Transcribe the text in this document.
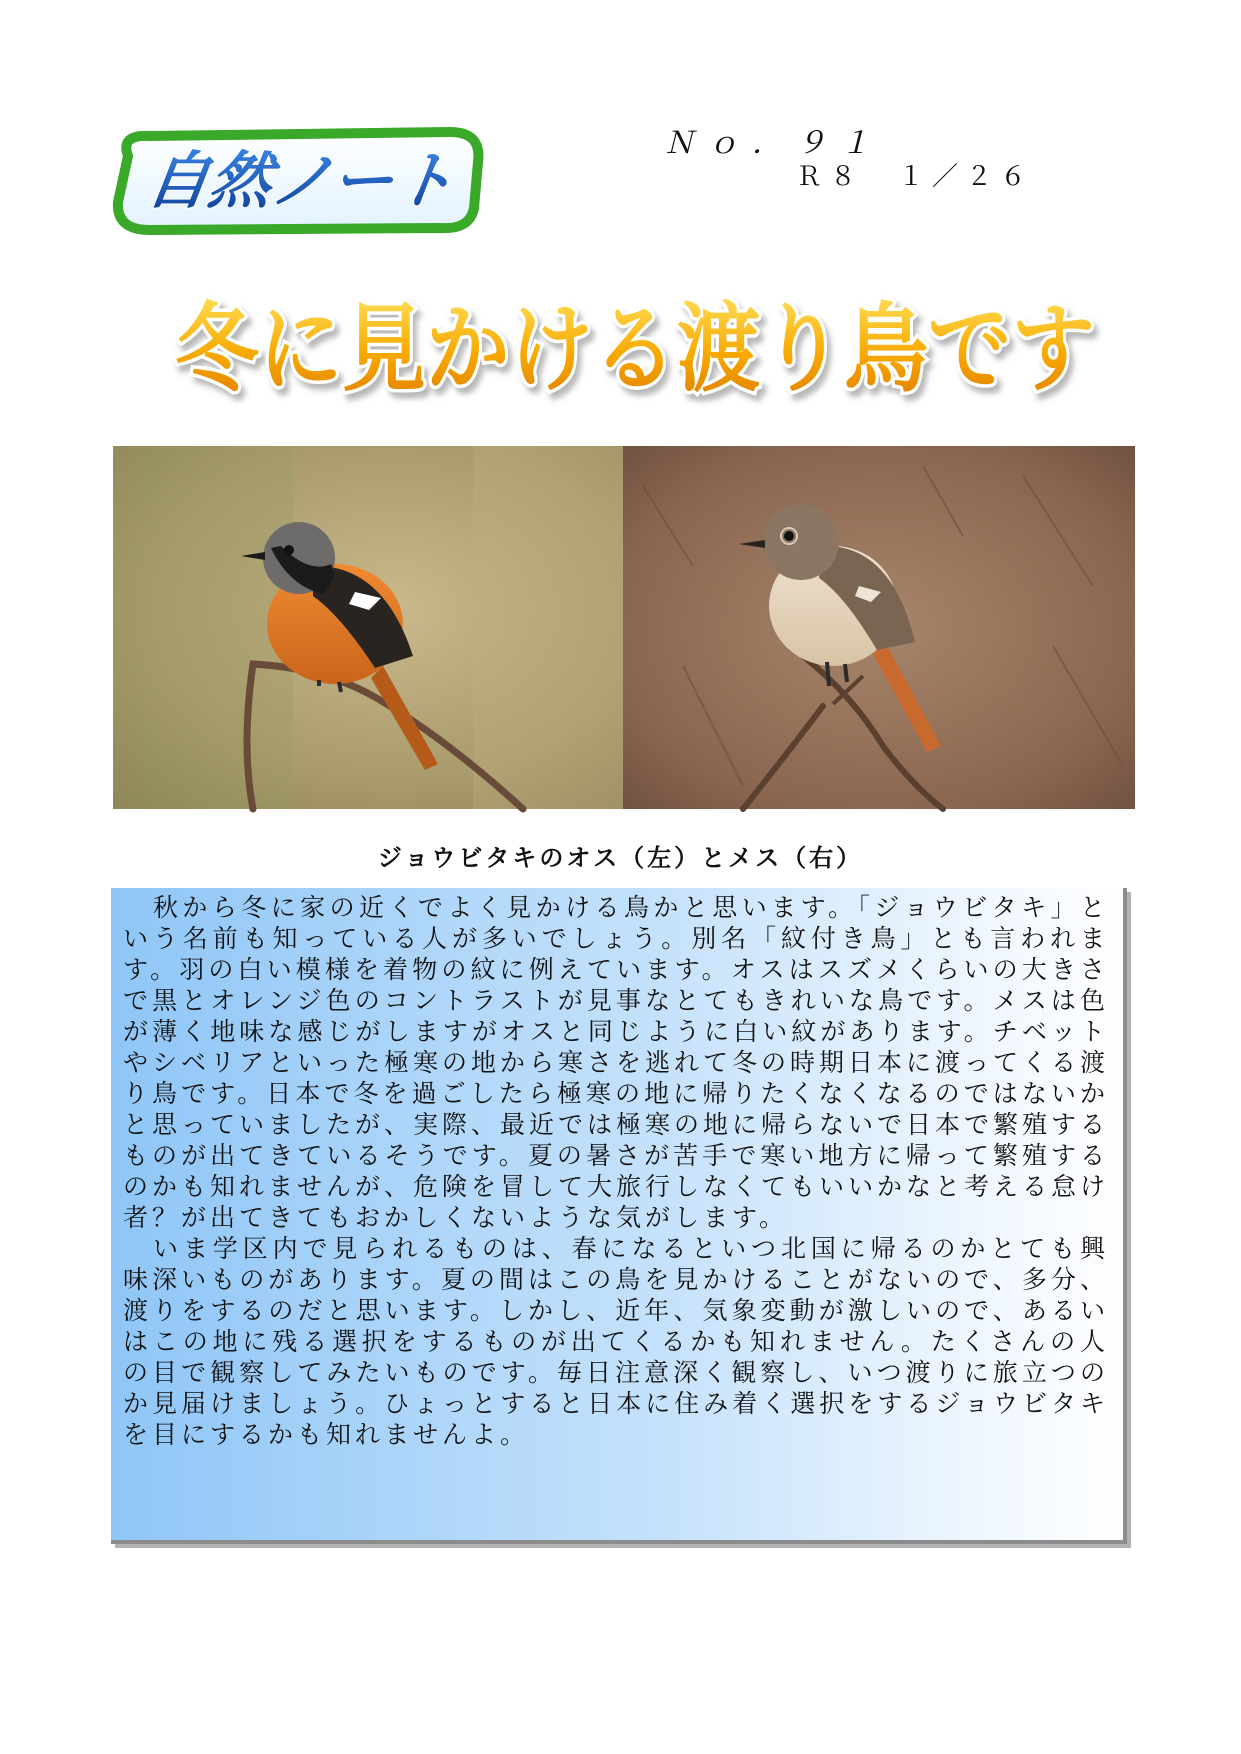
自然ノート
Ｎｏ．９１
Ｒ８　１／２６
冬に見かける渡り鳥です
ジョウビタキのオス（左）とメス（右）

秋から冬に家の近くでよく見かける鳥かと思います。「ジョウビタキ」という名前も知っている人が多いでしょう。別名「紋付き鳥」とも言われます。羽の白い模様を着物の紋に例えています。オスはスズメくらいの大きさで黒とオレンジ色のコントラストが見事なとてもきれいな鳥です。メスは色が薄く地味な感じがしますがオスと同じように白い紋があります。チベットやシベリアといった極寒の地から寒さを逃れて冬の時期日本に渡ってくる渡り鳥です。日本で冬を過ごしたら極寒の地に帰りたくなくなるのではないかと思っていましたが、実際、最近では極寒の地に帰らないで日本で繁殖するものが出てきているそうです。夏の暑さが苦手で寒い地方に帰って繁殖するのかも知れませんが、危険を冒して大旅行しなくてもいいかなと考える怠け者？が出てきてもおかしくないような気がします。

いま学区内で見られるものは、春になるといつ北国に帰るのかとても興味深いものがあります。夏の間はこの鳥を見かけることがないので、多分、渡りをするのだと思います。しかし、近年、気象変動が激しいので、あるいはこの地に残る選択をするものが出てくるかも知れません。たくさんの人の目で観察してみたいものです。毎日注意深く観察し、いつ渡りに旅立つのか見届けましょう。ひょっとすると日本に住み着く選択をするジョウビタキを目にするかも知れませんよ。
